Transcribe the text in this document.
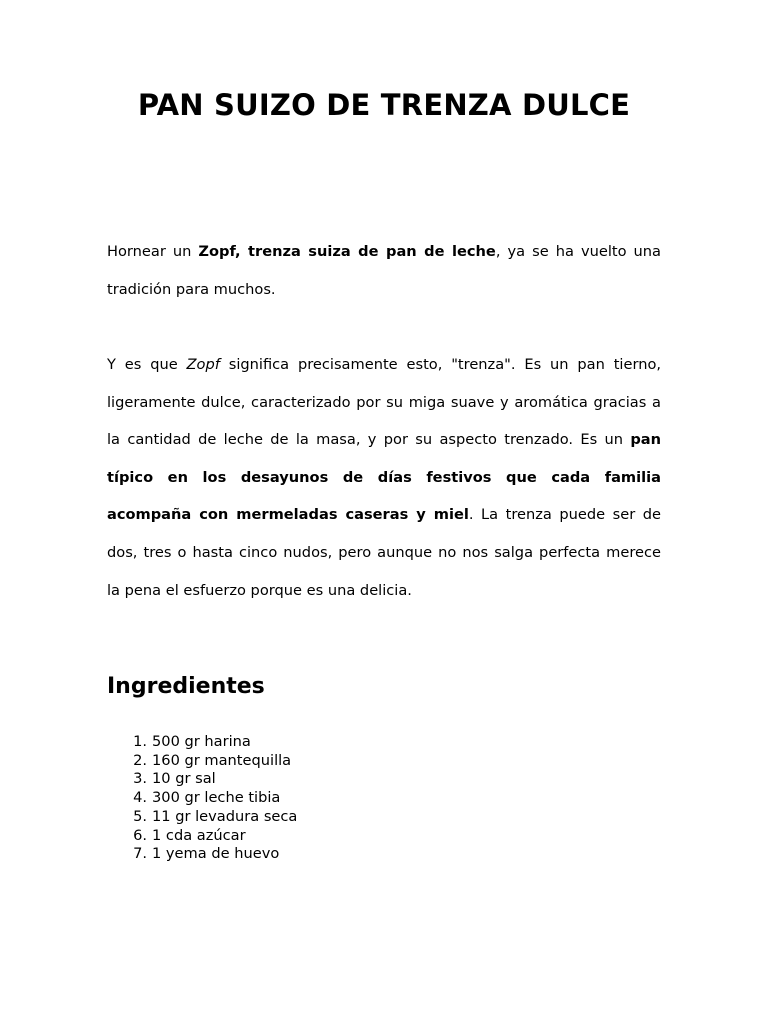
PAN SUIZO DE TRENZA DULCE

Hornear un Zopf, trenza suiza de pan de leche, ya se ha vuelto una tradición para muchos.

Y es que Zopf significa precisamente esto, "trenza". Es un pan tierno, ligeramente dulce, caracterizado por su miga suave y aromática gracias a la cantidad de leche de la masa, y por su aspecto trenzado. Es un pan típico en los desayunos de días festivos que cada familia acompaña con mermeladas caseras y miel. La trenza puede ser de dos, tres o hasta cinco nudos, pero aunque no nos salga perfecta merece la pena el esfuerzo porque es una delicia.

Ingredientes
1. 500 gr harina
2. 160 gr mantequilla
3. 10 gr sal
4. 300 gr leche tibia
5. 11 gr levadura seca
6. 1 cda azúcar
7. 1 yema de huevo
